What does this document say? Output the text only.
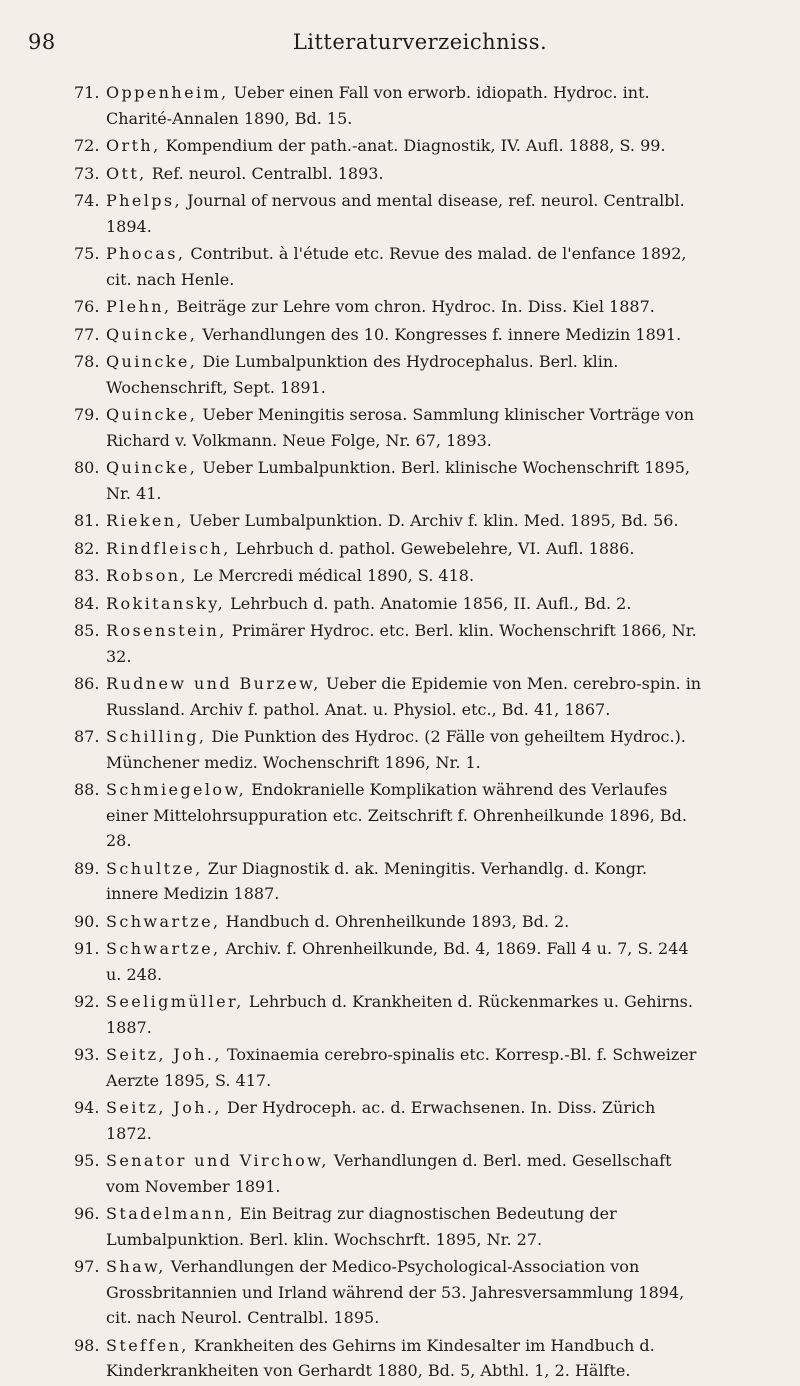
98	Litteraturverzeichniss.
71. Oppenheim, Ueber einen Fall von erworb. idiopath. Hydroc. int. Charité-Annalen 1890, Bd. 15.
72. Orth, Kompendium der path.-anat. Diagnostik, IV. Aufl. 1888, S. 99.
73. Ott, Ref. neurol. Centralbl. 1893.
74. Phelps, Journal of nervous and mental disease, ref. neurol. Centralbl. 1894.
75. Phocas, Contribut. à l'étude etc. Revue des malad. de l'enfance 1892, cit. nach Henle.
76. Plehn, Beiträge zur Lehre vom chron. Hydroc. In. Diss. Kiel 1887.
77. Quincke, Verhandlungen des 10. Kongresses f. innere Medizin 1891.
78. Quincke, Die Lumbalpunktion des Hydrocephalus. Berl. klin. Wochenschrift, Sept. 1891.
79. Quincke, Ueber Meningitis serosa. Sammlung klinischer Vorträge von Richard v. Volkmann. Neue Folge, Nr. 67, 1893.
80. Quincke, Ueber Lumbalpunktion. Berl. klinische Wochenschrift 1895, Nr. 41.
81. Rieken, Ueber Lumbalpunktion. D. Archiv f. klin. Med. 1895, Bd. 56.
82. Rindfleisch, Lehrbuch d. pathol. Gewebelehre, VI. Aufl. 1886.
83. Robson, Le Mercredi médical 1890, S. 418.
84. Rokitansky, Lehrbuch d. path. Anatomie 1856, II. Aufl., Bd. 2.
85. Rosenstein, Primärer Hydroc. etc. Berl. klin. Wochenschrift 1866, Nr. 32.
86. Rudnew und Burzew, Ueber die Epidemie von Men. cerebro-spin. in Russland. Archiv f. pathol. Anat. u. Physiol. etc., Bd. 41, 1867.
87. Schilling, Die Punktion des Hydroc. (2 Fälle von geheiltem Hydroc.). Münchener mediz. Wochenschrift 1896, Nr. 1.
88. Schmiegelow, Endokranielle Komplikation während des Verlaufes einer Mittelohrsuppuration etc. Zeitschrift f. Ohrenheilkunde 1896, Bd. 28.
89. Schultze, Zur Diagnostik d. ak. Meningitis. Verhandlg. d. Kongr. innere Medizin 1887.
90. Schwartze, Handbuch d. Ohrenheilkunde 1893, Bd. 2.
91. Schwartze, Archiv. f. Ohrenheilkunde, Bd. 4, 1869. Fall 4 u. 7, S. 244 u. 248.
92. Seeligmüller, Lehrbuch d. Krankheiten d. Rückenmarkes u. Gehirns. 1887.
93. Seitz, Joh., Toxinaemia cerebro-spinalis etc. Korresp.-Bl. f. Schweizer Aerzte 1895, S. 417.
94. Seitz, Joh., Der Hydroceph. ac. d. Erwachsenen. In. Diss. Zürich 1872.
95. Senator und Virchow, Verhandlungen d. Berl. med. Gesellschaft vom November 1891.
96. Stadelmann, Ein Beitrag zur diagnostischen Bedeutung der Lumbalpunktion. Berl. klin. Wochschrft. 1895, Nr. 27.
97. Shaw, Verhandlungen der Medico-Psychological-Association von Grossbritannien und Irland während der 53. Jahresversammlung 1894, cit. nach Neurol. Centralbl. 1895.
98. Steffen, Krankheiten des Gehirns im Kindesalter im Handbuch d. Kinderkrankheiten von Gerhardt 1880, Bd. 5, Abthl. 1, 2. Hälfte.
